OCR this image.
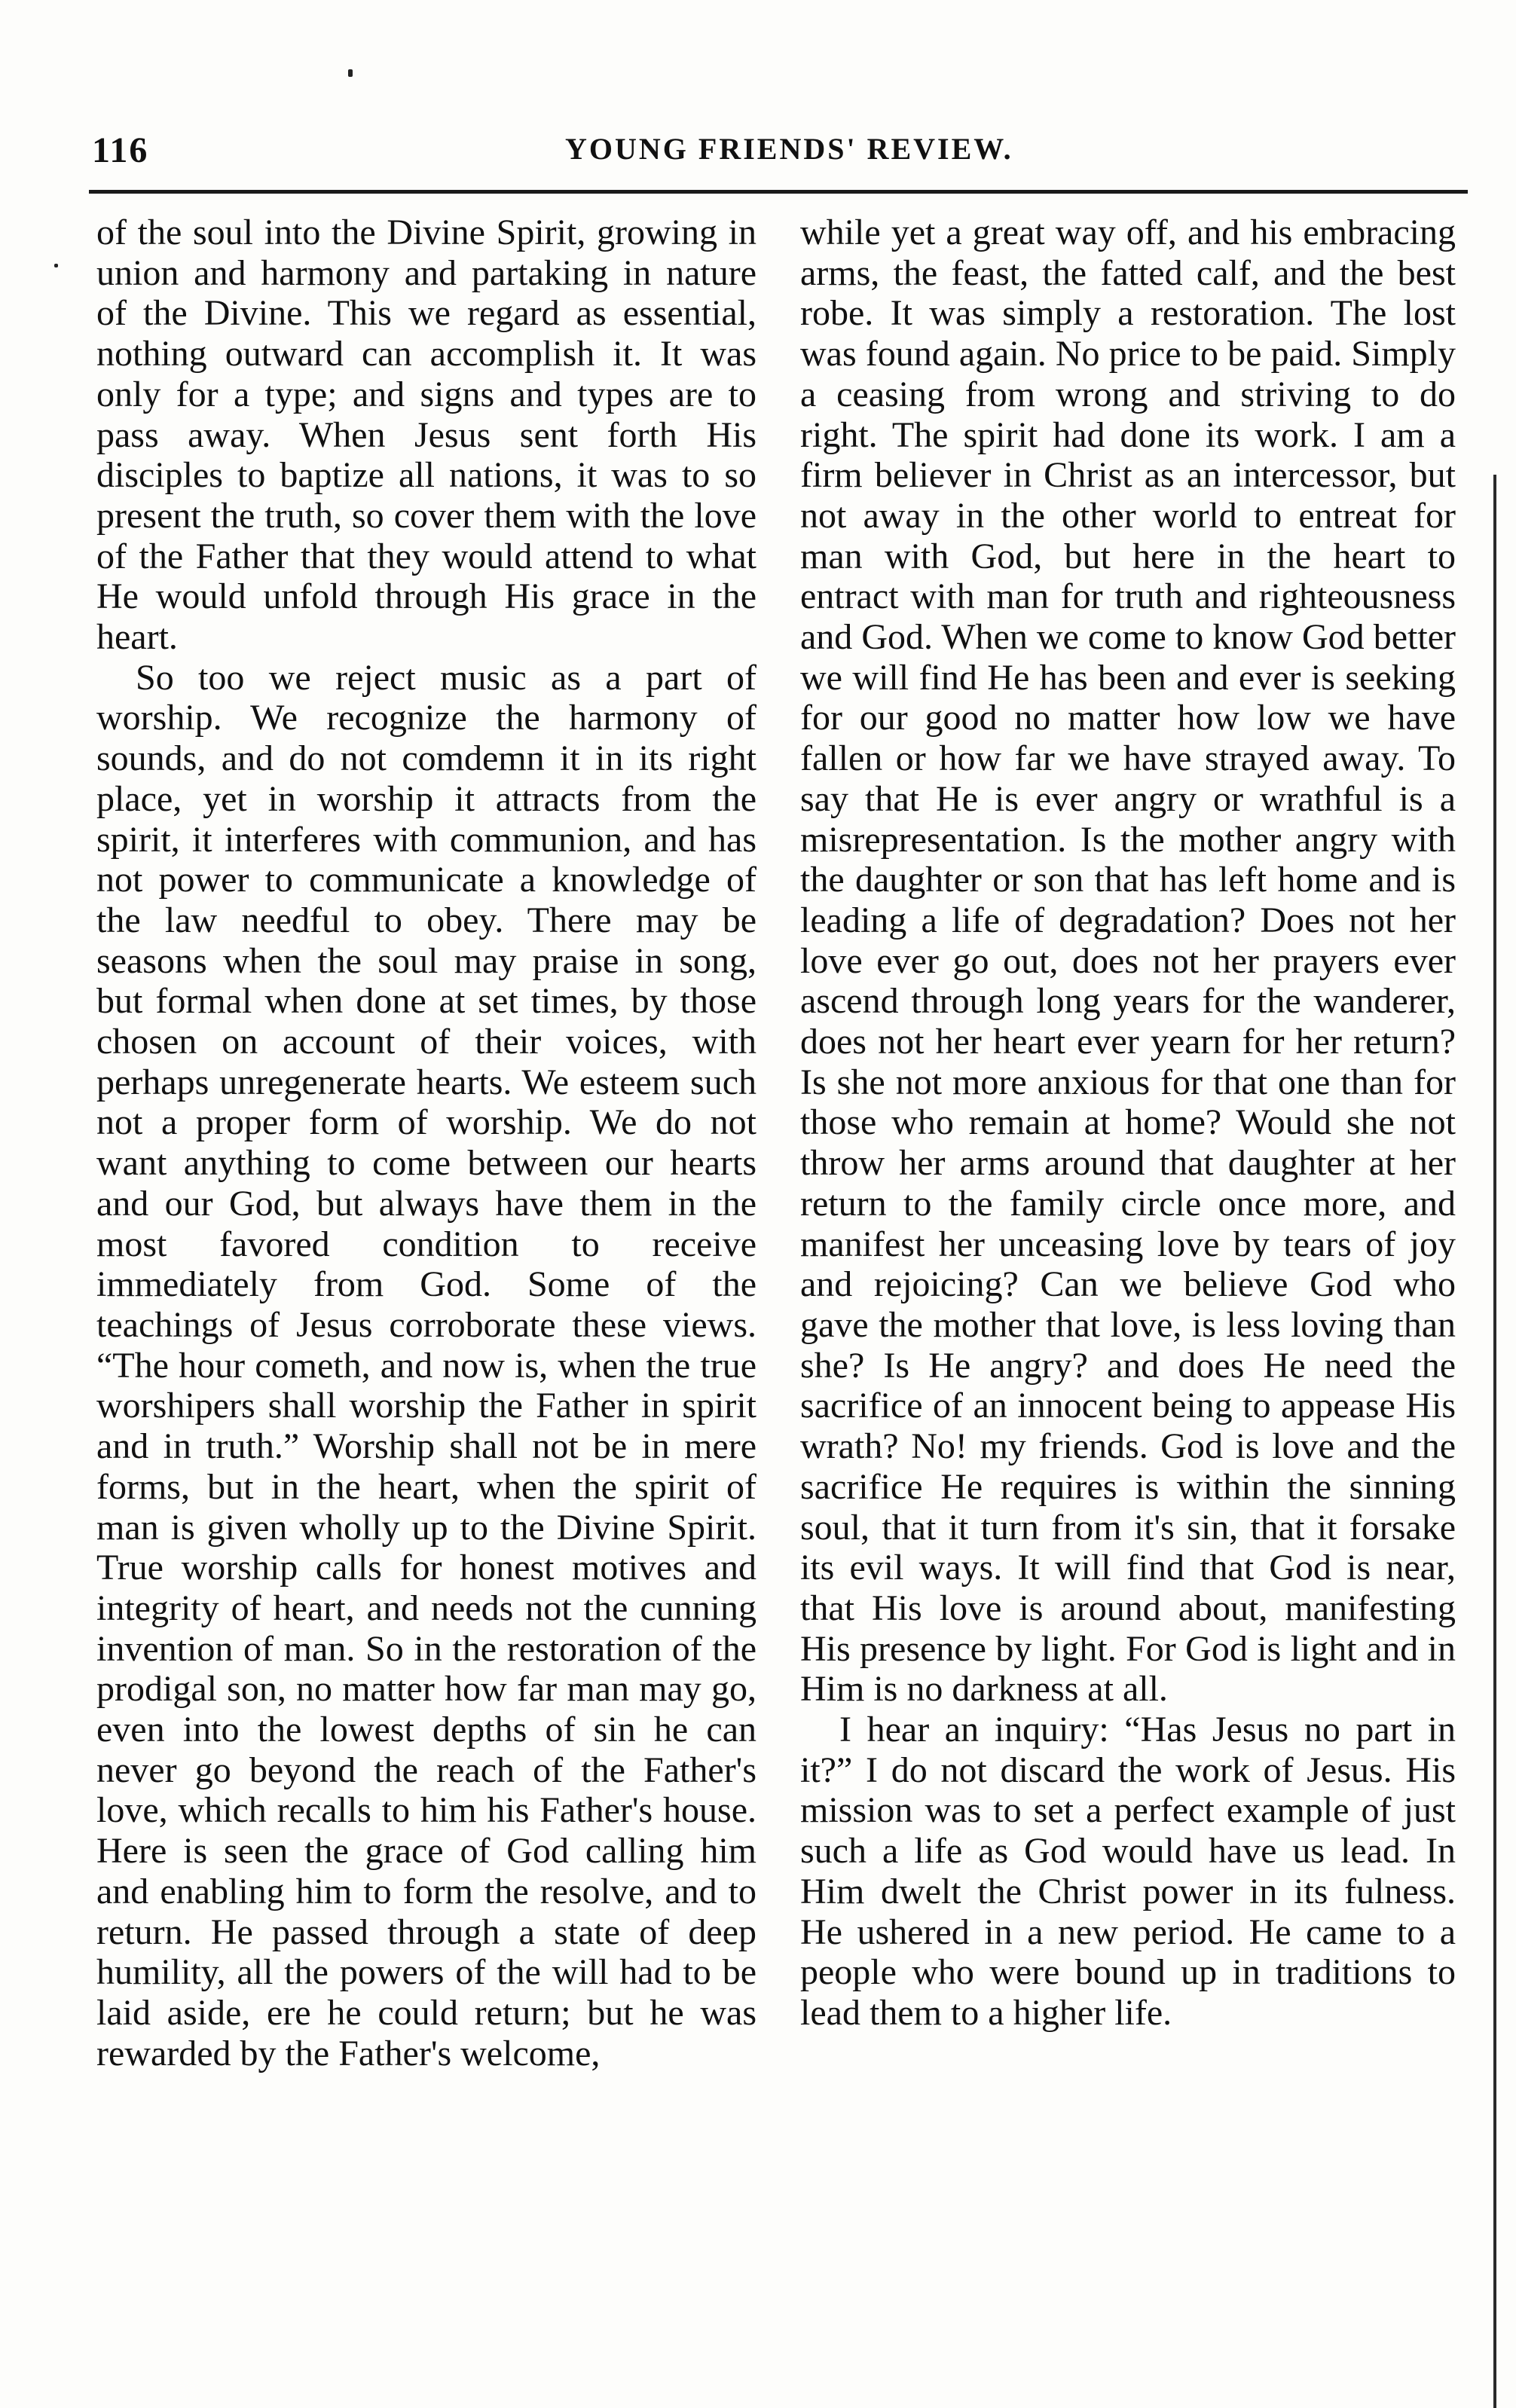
116	YOUNG FRIENDS' REVIEW.

of the soul into the Divine Spirit, growing in union and harmony and partaking in nature of the Divine. This we regard as essential, nothing outward can accomplish it. It was only for a type; and signs and types are to pass away. When Jesus sent forth His disciples to baptize all nations, it was to so present the truth, so cover them with the love of the Father that they would attend to what He would unfold through His grace in the heart.

So too we reject music as a part of worship. We recognize the harmony of sounds, and do not comdemn it in its right place, yet in worship it attracts from the spirit, it interferes with communion, and has not power to communicate a knowledge of the law needful to obey. There may be seasons when the soul may praise in song, but formal when done at set times, by those chosen on account of their voices, with perhaps unregenerate hearts. We esteem such not a proper form of worship. We do not want anything to come between our hearts and our God, but always have them in the most favored condition to receive immediately from God. Some of the teachings of Jesus corroborate these views. “The hour cometh, and now is, when the true worshipers shall worship the Father in spirit and in truth.” Worship shall not be in mere forms, but in the heart, when the spirit of man is given wholly up to the Divine Spirit. True worship calls for honest motives and integrity of heart, and needs not the cunning invention of man. So in the restoration of the prodigal son, no matter how far man may go, even into the lowest depths of sin he can never go beyond the reach of the Father's love, which recalls to him his Father's house. Here is seen the grace of God calling him and enabling him to form the resolve, and to return. He passed through a state of deep humility, all the powers of the will had to be laid aside, ere he could return; but he was rewarded by the Father's welcome,

while yet a great way off, and his embracing arms, the feast, the fatted calf, and the best robe. It was simply a restoration. The lost was found again. No price to be paid. Simply a ceasing from wrong and striving to do right. The spirit had done its work. I am a firm believer in Christ as an intercessor, but not away in the other world to entreat for man with God, but here in the heart to entract with man for truth and righteousness and God. When we come to know God better we will find He has been and ever is seeking for our good no matter how low we have fallen or how far we have strayed away. To say that He is ever angry or wrathful is a misrepresentation. Is the mother angry with the daughter or son that has left home and is leading a life of degradation? Does not her love ever go out, does not her prayers ever ascend through long years for the wanderer, does not her heart ever yearn for her return? Is she not more anxious for that one than for those who remain at home? Would she not throw her arms around that daughter at her return to the family circle once more, and manifest her unceasing love by tears of joy and rejoicing? Can we believe God who gave the mother that love, is less loving than she? Is He angry? and does He need the sacrifice of an innocent being to appease His wrath? No! my friends. God is love and the sacrifice He requires is within the sinning soul, that it turn from it's sin, that it forsake its evil ways. It will find that God is near, that His love is around about, manifesting His presence by light. For God is light and in Him is no darkness at all.

I hear an inquiry: “Has Jesus no part in it?” I do not discard the work of Jesus. His mission was to set a perfect example of just such a life as God would have us lead. In Him dwelt the Christ power in its fulness. He ushered in a new period. He came to a people who were bound up in traditions to lead them to a higher life.
